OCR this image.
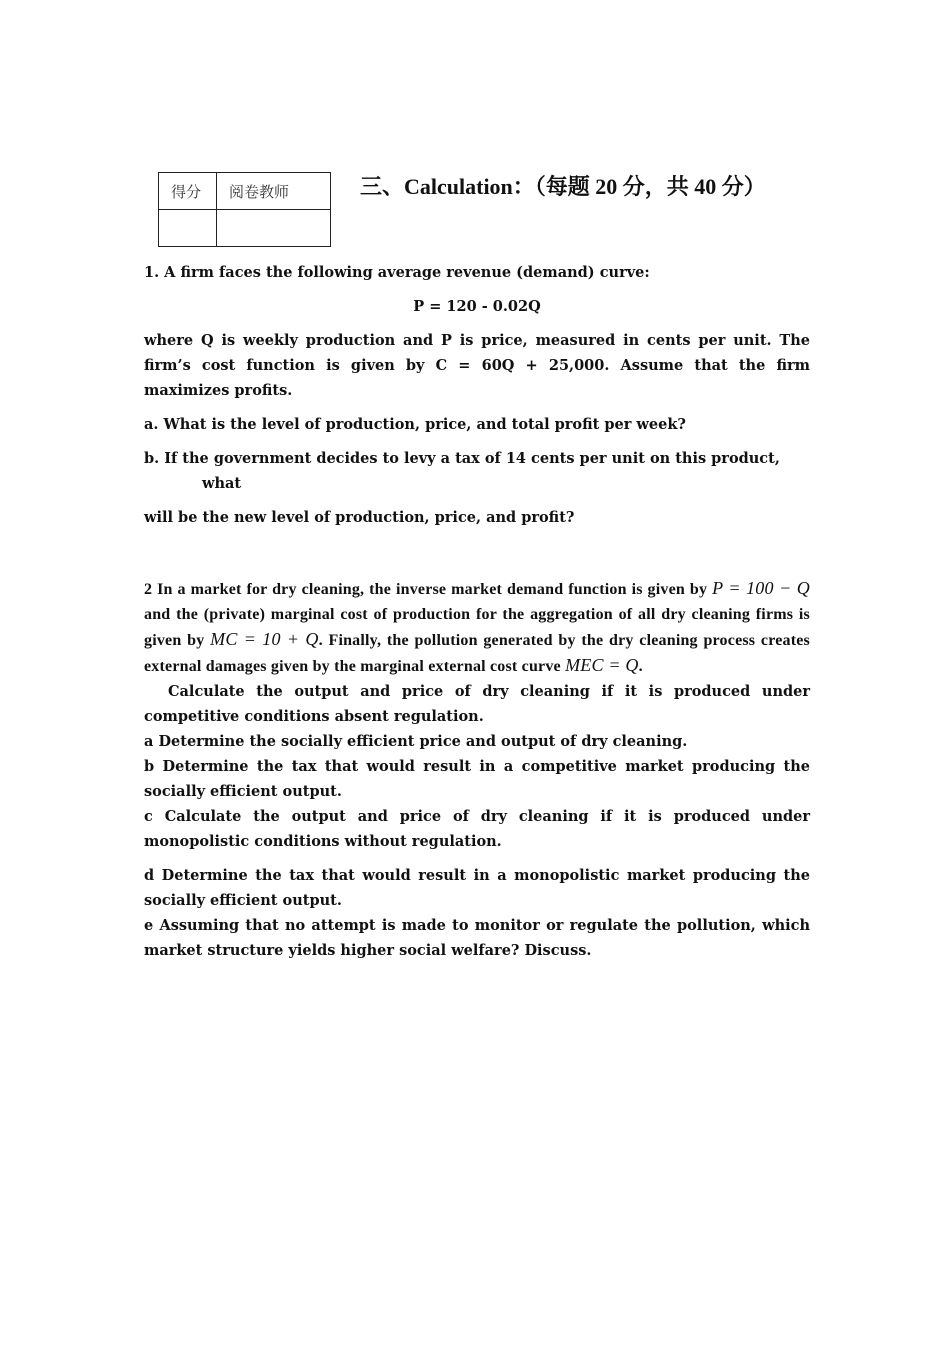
得分	阅卷教师
		三、Calculation：（每题 20 分，共 40 分）

1. A firm faces the following average revenue (demand) curve:

P = 120 - 0.02Q

where Q is weekly production and P is price, measured in cents per unit. The firm’s cost function is given by C = 60Q + 25,000. Assume that the firm maximizes profits.

a. What is the level of production, price, and total profit per week?

b. If the government decides to levy a tax of 14 cents per unit on this product,

what

will be the new level of production, price, and profit?

2 In a market for dry cleaning, the inverse market demand function is given by P = 100 − Q and the (private) marginal cost of production for the aggregation of all dry cleaning firms is given by MC = 10 + Q. Finally, the pollution generated by the dry cleaning process creates external damages given by the marginal external cost curve MEC = Q.

Calculate the output and price of dry cleaning if it is produced under competitive conditions absent regulation.

a Determine the socially efficient price and output of dry cleaning.

b Determine the tax that would result in a competitive market producing the socially efficient output.

c Calculate the output and price of dry cleaning if it is produced under monopolistic conditions without regulation.

d Determine the tax that would result in a monopolistic market producing the socially efficient output.

e Assuming that no attempt is made to monitor or regulate the pollution, which market structure yields higher social welfare? Discuss.
